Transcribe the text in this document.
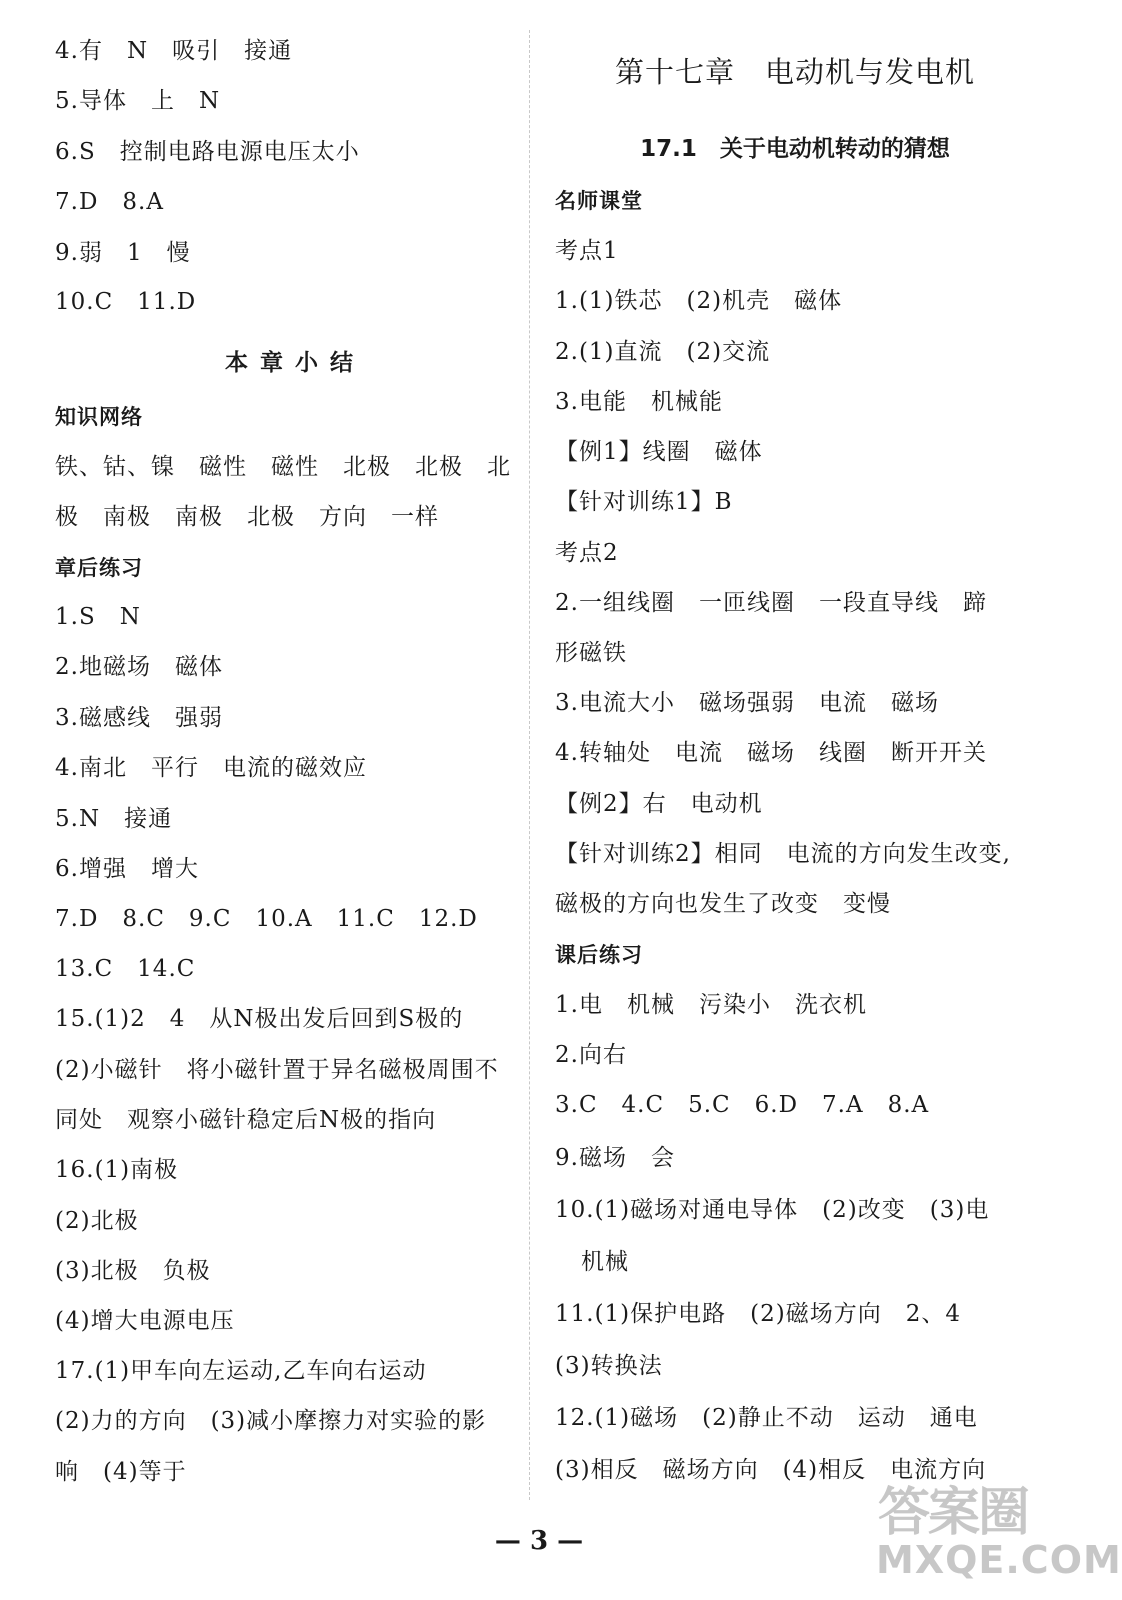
4.有　N　吸引　接通
5.导体　上　N
6.S　控制电路电源电压太小
7.D　8.A
9.弱　1　慢
10.C　11.D
本 章 小 结
知识网络
铁、钴、镍　磁性　磁性　北极　北极　北
极　南极　南极　北极　方向　一样
章后练习
1.S　N
2.地磁场　磁体
3.磁感线　强弱
4.南北　平行　电流的磁效应
5.N　接通
6.增强　增大
7.D　8.C　9.C　10.A　11.C　12.D
13.C　14.C
15.(1)2　4　从N极出发后回到S极的
(2)小磁针　将小磁针置于异名磁极周围不
同处　观察小磁针稳定后N极的指向
16.(1)南极
(2)北极
(3)北极　负极
(4)增大电源电压
17.(1)甲车向左运动,乙车向右运动
(2)力的方向　(3)减小摩擦力对实验的影
响　(4)等于
第十七章　电动机与发电机
17.1　关于电动机转动的猜想
名师课堂
考点1
1.(1)铁芯　(2)机壳　磁体
2.(1)直流　(2)交流
3.电能　机械能
【例1】线圈　磁体
【针对训练1】B
考点2
2.一组线圈　一匝线圈　一段直导线　蹄
形磁铁
3.电流大小　磁场强弱　电流　磁场
4.转轴处　电流　磁场　线圈　断开开关
【例2】右　电动机
【针对训练2】相同　电流的方向发生改变,
磁极的方向也发生了改变　变慢
课后练习
1.电　机械　污染小　洗衣机
2.向右
3.C　4.C　5.C　6.D　7.A　8.A
9.磁场　会
10.(1)磁场对通电导体　(2)改变　(3)电
机械
11.(1)保护电路　(2)磁场方向　2、4
(3)转换法
12.(1)磁场　(2)静止不动　运动　通电
(3)相反　磁场方向　(4)相反　电流方向
— 3 —	答案圈
MXQE.COM
